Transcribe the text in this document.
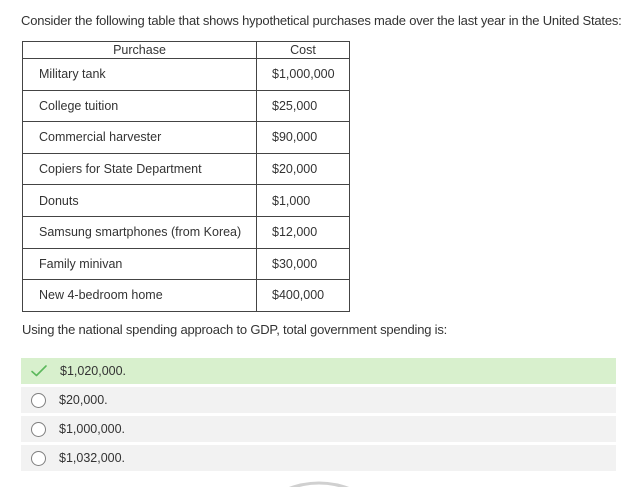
Consider the following table that shows hypothetical purchases made over the last year in the United States:
Purchase	Cost
Military tank	$1,000,000
College tuition	$25,000
Commercial harvester	$90,000
Copiers for State Department	$20,000
Donuts	$1,000
Samsung smartphones (from Korea)	$12,000
Family minivan	$30,000
New 4-bedroom home	$400,000
Using the national spending approach to GDP, total government spending is:
$1,020,000.
$20,000.
$1,000,000.
$1,032,000.
